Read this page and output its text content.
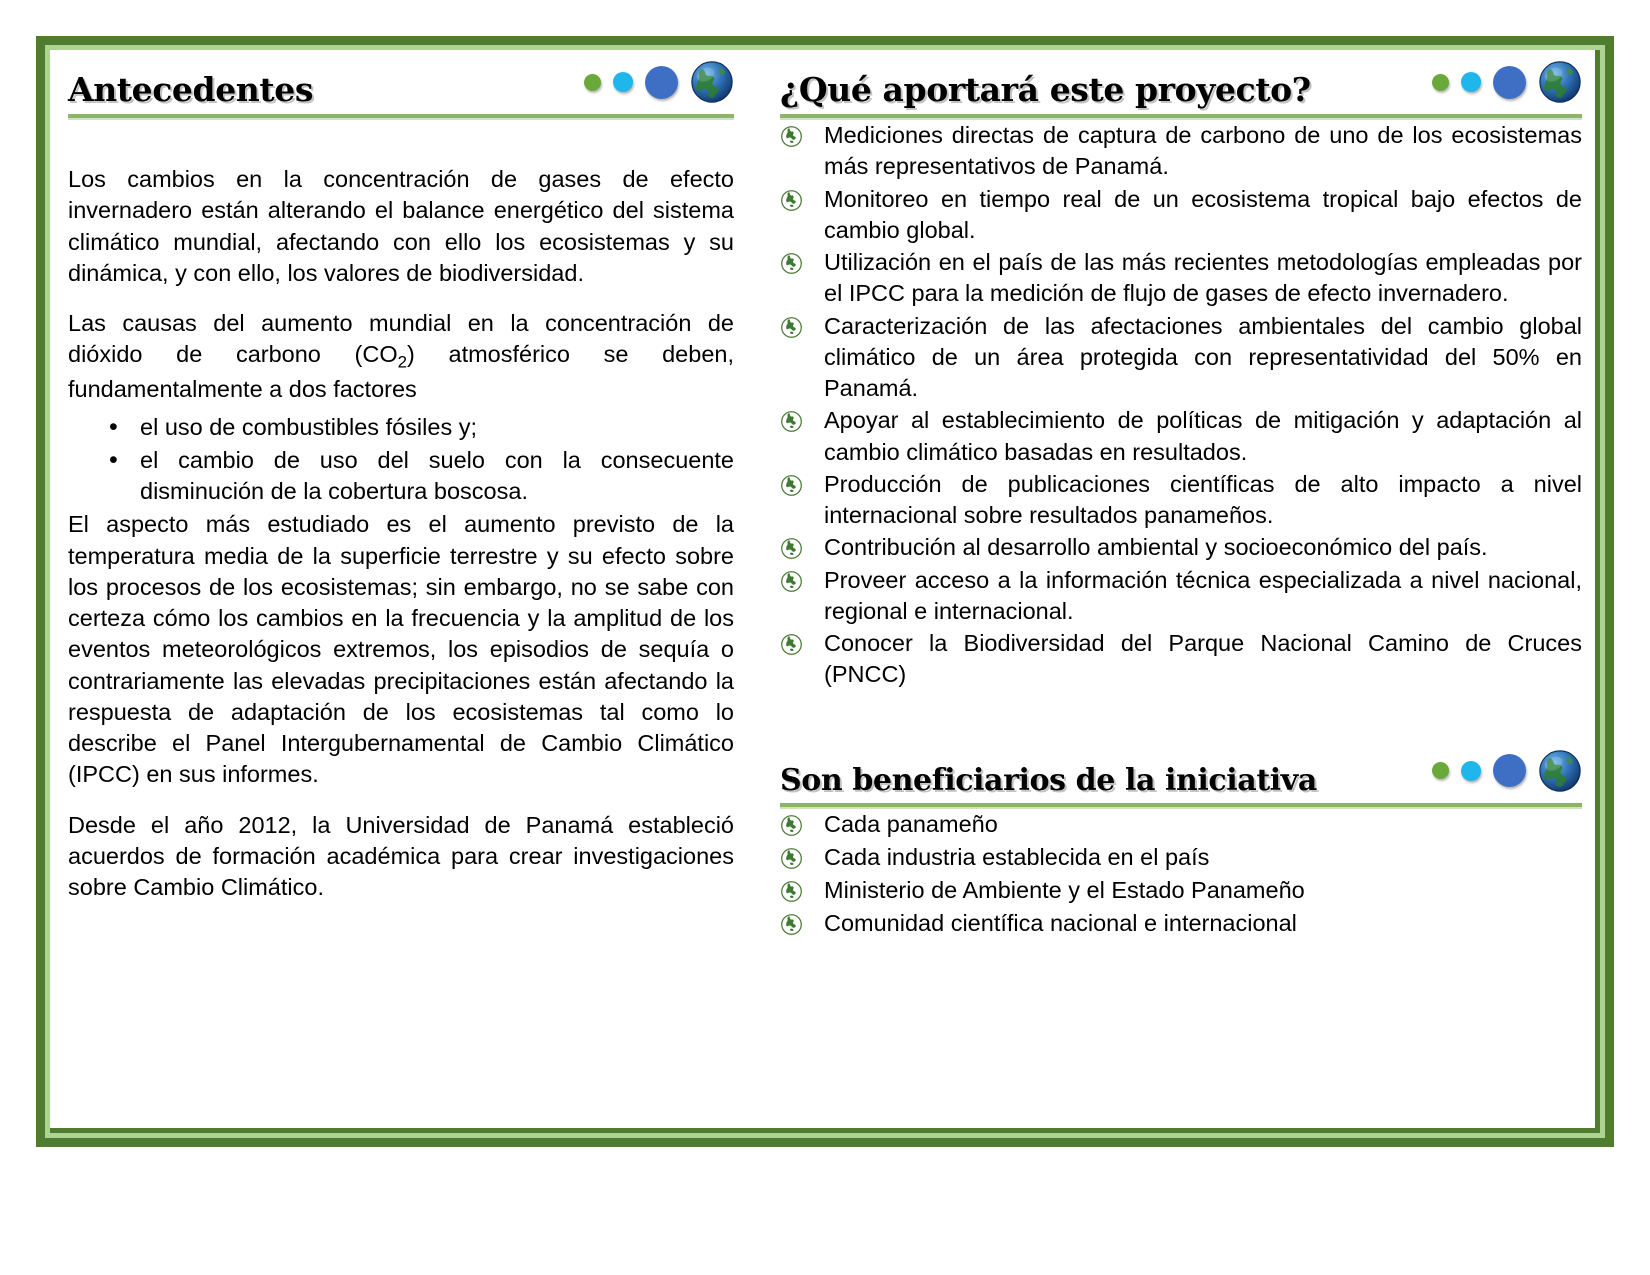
Antecedentes

Los cambios en la concentración de gases de efecto invernadero están alterando el balance energético del sistema climático mundial, afectando con ello los ecosistemas y su dinámica, y con ello, los valores de biodiversidad.

Las causas del aumento mundial en la concentración de dióxido de carbono $(CO_2)$ atmosférico se deben, fundamentalmente a dos factores

• el uso de combustibles fósiles y;
• el cambio de uso del suelo con la consecuente disminución de la cobertura boscosa.

El aspecto más estudiado es el aumento previsto de la temperatura media de la superficie terrestre y su efecto sobre los procesos de los ecosistemas; sin embargo, no se sabe con certeza cómo los cambios en la frecuencia y la amplitud de los eventos meteorológicos extremos, los episodios de sequía o contrariamente las elevadas precipitaciones están afectando la respuesta de adaptación de los ecosistemas tal como lo describe el Panel Intergubernamental de Cambio Climático (IPCC) en sus informes.

Desde el año 2012, la Universidad de Panamá estableció acuerdos de formación académica para crear investigaciones sobre Cambio Climático.

¿Qué aportará este proyecto?
Mediciones directas de captura de carbono de uno de los ecosistemas más representativos de Panamá.
Monitoreo en tiempo real de un ecosistema tropical bajo efectos de cambio global.
Utilización en el país de las más recientes metodologías empleadas por el IPCC para la medición de flujo de gases de efecto invernadero.
Caracterización de las afectaciones ambientales del cambio global climático de un área protegida con representatividad del 50% en Panamá.
Apoyar al establecimiento de políticas de mitigación y adaptación al cambio climático basadas en resultados.
Producción de publicaciones científicas de alto impacto a nivel internacional sobre resultados panameños.
Contribución al desarrollo ambiental y socioeconómico del país.
Proveer acceso a la información técnica especializada a nivel nacional, regional e internacional.
Conocer la Biodiversidad del Parque Nacional Camino de Cruces (PNCC)
Son beneficiarios de la iniciativa
Cada panameño
Cada industria establecida en el país
Ministerio de Ambiente y el Estado Panameño
Comunidad científica nacional e internacional
